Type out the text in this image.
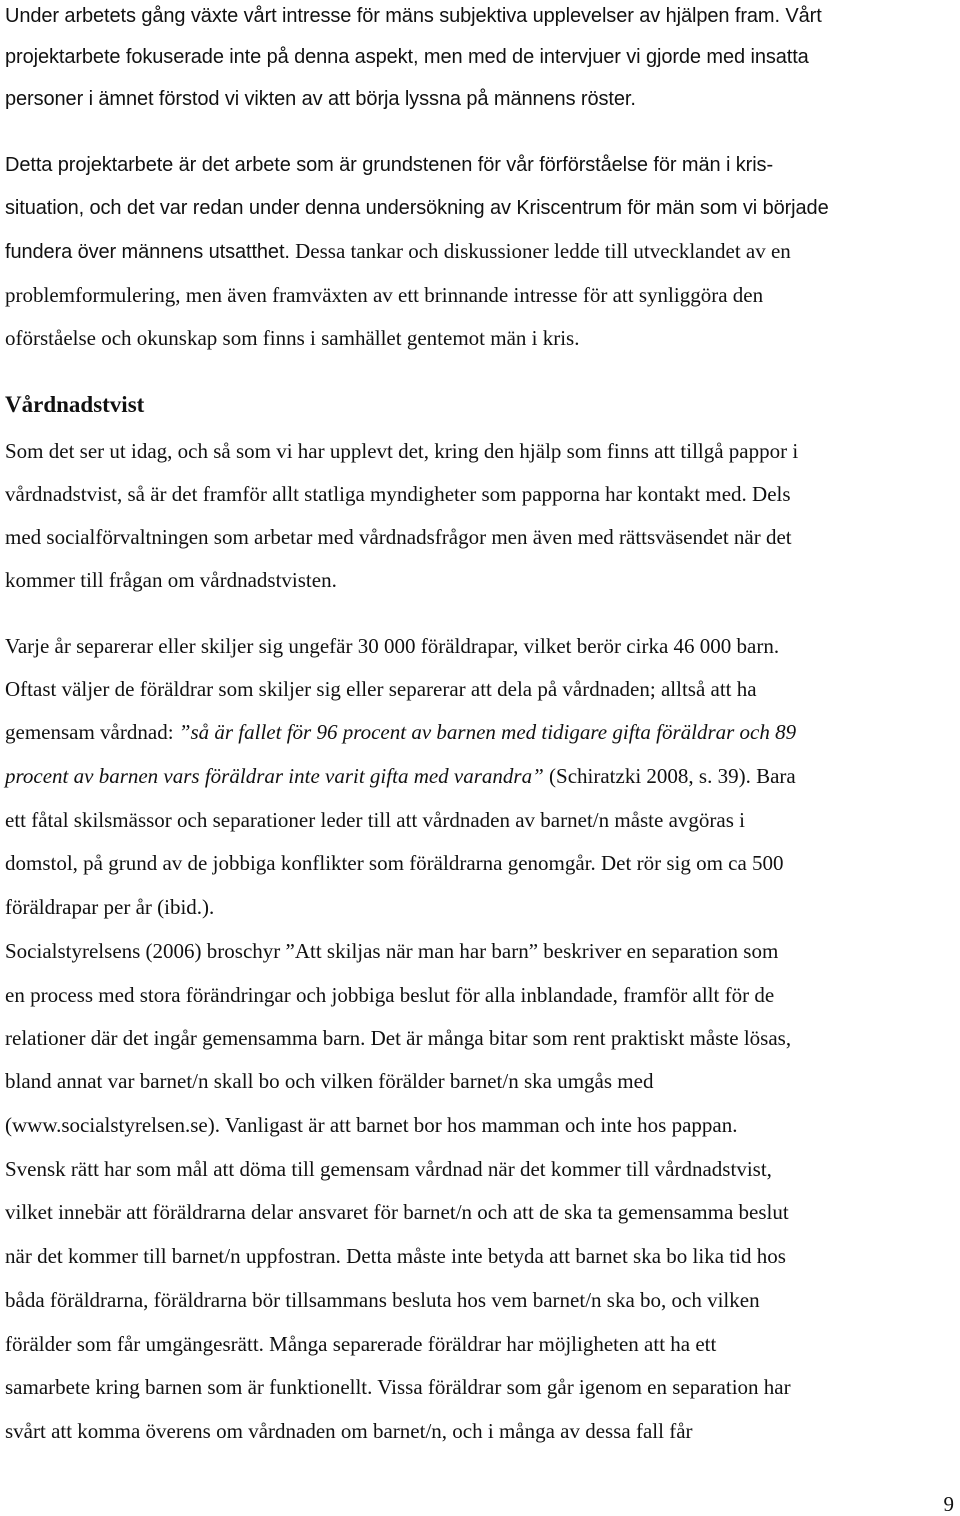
Under arbetets gång växte vårt intresse för mäns subjektiva upplevelser av hjälpen fram. Vårt
projektarbete fokuserade inte på denna aspekt, men med de intervjuer vi gjorde med insatta
personer i ämnet förstod vi vikten av att börja lyssna på männens röster.
Detta projektarbete är det arbete som är grundstenen för vår förförståelse för män i kris-
situation, och det var redan under denna undersökning av Kriscentrum för män som vi började
fundera över männens utsatthet. Dessa tankar och diskussioner ledde till utvecklandet av en
problemformulering, men även framväxten av ett brinnande intresse för att synliggöra den
oförståelse och okunskap som finns i samhället gentemot män i kris.
Vårdnadstvist
Som det ser ut idag, och så som vi har upplevt det, kring den hjälp som finns att tillgå pappor i
vårdnadstvist, så är det framför allt statliga myndigheter som papporna har kontakt med. Dels
med socialförvaltningen som arbetar med vårdnadsfrågor men även med rättsväsendet när det
kommer till frågan om vårdnadstvisten.
Varje år separerar eller skiljer sig ungefär 30 000 föräldrapar, vilket berör cirka 46 000 barn.
Oftast väljer de föräldrar som skiljer sig eller separerar att dela på vårdnaden; alltså att ha
gemensam vårdnad: ”så är fallet för 96 procent av barnen med tidigare gifta föräldrar och 89
procent av barnen vars föräldrar inte varit gifta med varandra” (Schiratzki 2008, s. 39). Bara
ett fåtal skilsmässor och separationer leder till att vårdnaden av barnet/n måste avgöras i
domstol, på grund av de jobbiga konflikter som föräldrarna genomgår. Det rör sig om ca 500
föräldrapar per år (ibid.).
Socialstyrelsens (2006) broschyr ”Att skiljas när man har barn” beskriver en separation som
en process med stora förändringar och jobbiga beslut för alla inblandade, framför allt för de
relationer där det ingår gemensamma barn. Det är många bitar som rent praktiskt måste lösas,
bland annat var barnet/n skall bo och vilken förälder barnet/n ska umgås med
(www.socialstyrelsen.se). Vanligast är att barnet bor hos mamman och inte hos pappan.
Svensk rätt har som mål att döma till gemensam vårdnad när det kommer till vårdnadstvist,
vilket innebär att föräldrarna delar ansvaret för barnet/n och att de ska ta gemensamma beslut
när det kommer till barnet/n uppfostran. Detta måste inte betyda att barnet ska bo lika tid hos
båda föräldrarna, föräldrarna bör tillsammans besluta hos vem barnet/n ska bo, och vilken
förälder som får umgängesrätt. Många separerade föräldrar har möjligheten att ha ett
samarbete kring barnen som är funktionellt. Vissa föräldrar som går igenom en separation har
svårt att komma överens om vårdnaden om barnet/n, och i många av dessa fall får
9
